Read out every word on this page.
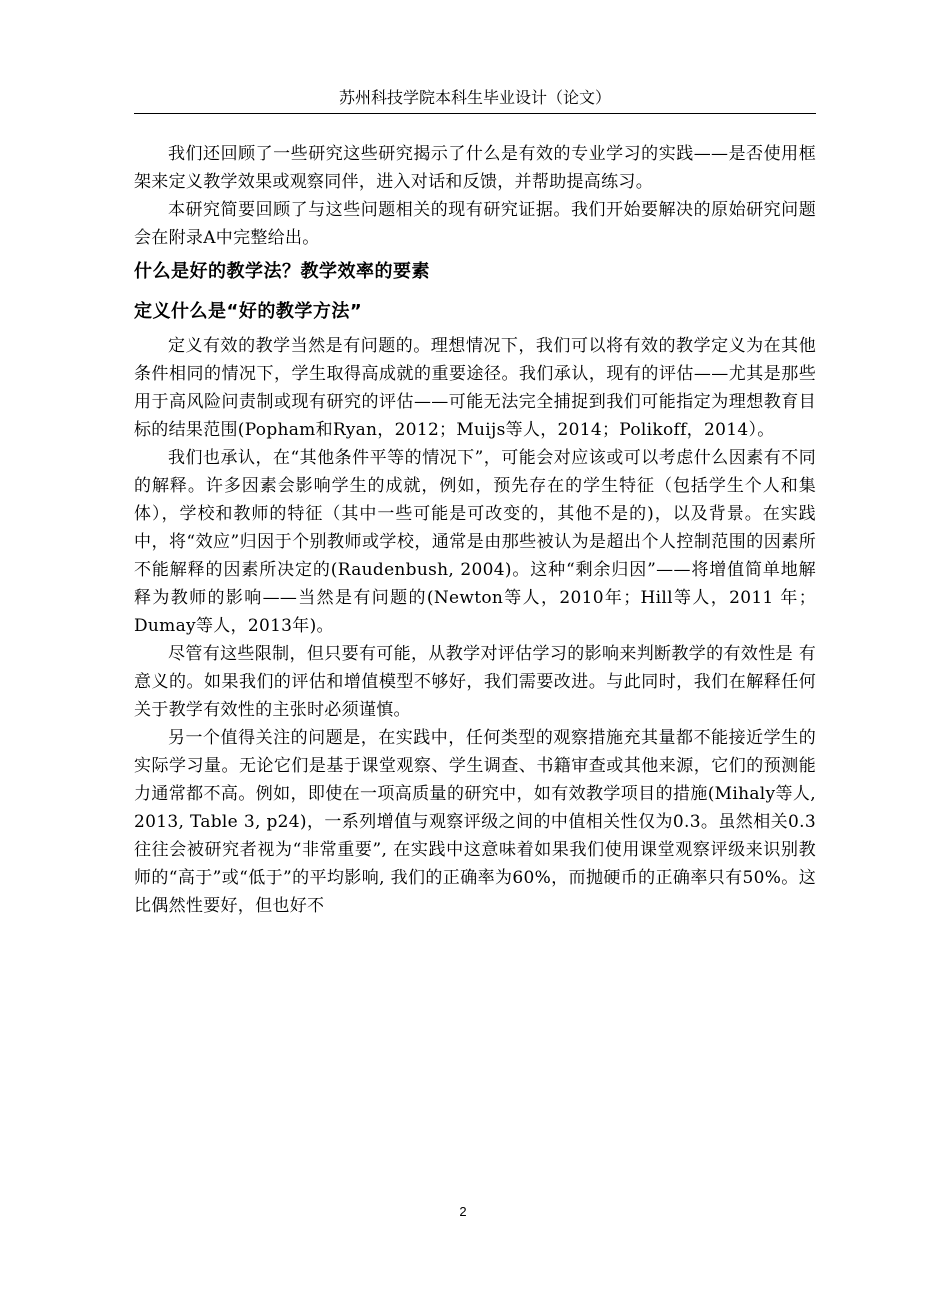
苏州科技学院本科生毕业设计（论文）

我们还回顾了一些研究这些研究揭示了什么是有效的专业学习的实践——是否使用框架来定义教学效果或观察同伴，进入对话和反馈，并帮助提高练习。

本研究简要回顾了与这些问题相关的现有研究证据。我们开始要解决的原始研究问题会在附录A中完整给出。

什么是好的教学法？教学效率的要素
定义什么是“好的教学方法”

定义有效的教学当然是有问题的。理想情况下，我们可以将有效的教学定义为在其他条件相同的情况下，学生取得高成就的重要途径。我们承认，现有的评估——尤其是那些用于高风险问责制或现有研究的评估——可能无法完全捕捉到我们可能指定为理想教育目标的结果范围(Popham和Ryan，2012；Muijs等人，2014；Polikoff，2014）。

我们也承认，在“其他条件平等的情况下”，可能会对应该或可以考虑什么因素有不同的解释。许多因素会影响学生的成就，例如，预先存在的学生特征（包括学生个人和集体），学校和教师的特征（其中一些可能是可改变的，其他不是的)，以及背景。在实践中，将“效应”归因于个别教师或学校，通常是由那些被认为是超出个人控制范围的因素所不能解释的因素所决定的(Raudenbush, 2004)。这种“剩余归因”——将增值简单地解释为教师的影响——当然是有问题的(Newton等人，2010年；Hill等人，2011 年；Dumay等人，2013年)。

尽管有这些限制，但只要有可能，从教学对评估学习的影响来判断教学的有效性是 有意义的。如果我们的评估和增值模型不够好，我们需要改进。与此同时，我们在解释任何关于教学有效性的主张时必须谨慎。

另一个值得关注的问题是，在实践中，任何类型的观察措施充其量都不能接近学生的实际学习量。无论它们是基于课堂观察、学生调查、书籍审查或其他来源，它们的预测能力通常都不高。例如，即使在一项高质量的研究中，如有效教学项目的措施(Mihaly等人, 2013, Table 3, p24)，一系列增值与观察评级之间的中值相关性仅为0.3。虽然相关0.3往往会被研究者视为“非常重要”, 在实践中这意味着如果我们使用课堂观察评级来识别教师的“高于”或“低于”的平均影响, 我们的正确率为60%，而抛硬币的正确率只有50%。这比偶然性要好，但也好不

2
